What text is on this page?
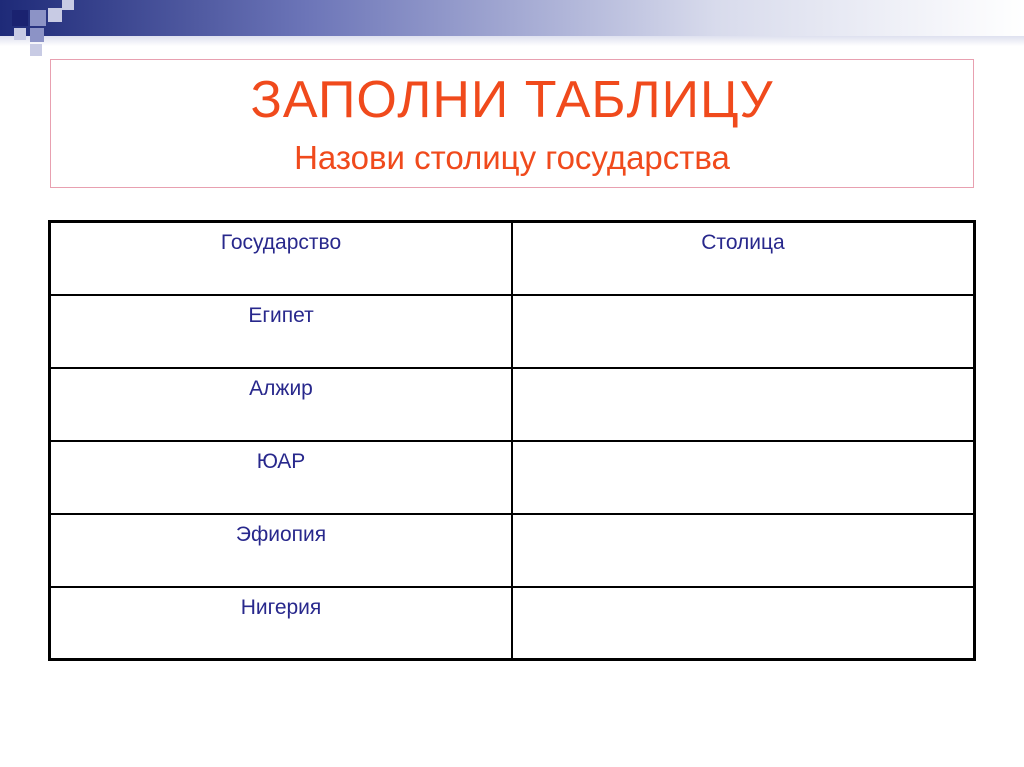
ЗАПОЛНИ ТАБЛИЦУ
Назови столицу государства
Государство	Столица
Египет	
Алжир	
ЮАР	
Эфиопия	
Нигерия	
